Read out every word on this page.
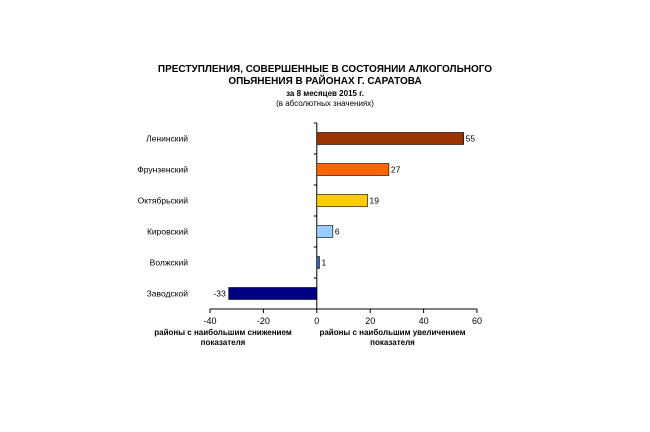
ПРЕСТУПЛЕНИЯ, СОВЕРШЕННЫЕ В СОСТОЯНИИ АЛКОГОЛЬНОГО
ОПЬЯНЕНИЯ В РАЙОНАХ Г. САРАТОВА
за 8 месяцев 2015 г.
(в абсолютных значениях)
-40	-20	0	20	40	60
Ленинский	55
Фрунзенский	27
Октябрьский	19
Кировский	6
Волжский	1
Заводской	-33
районы с наибольшим снижением
показателя
районы с наибольшим увеличением
показателя
